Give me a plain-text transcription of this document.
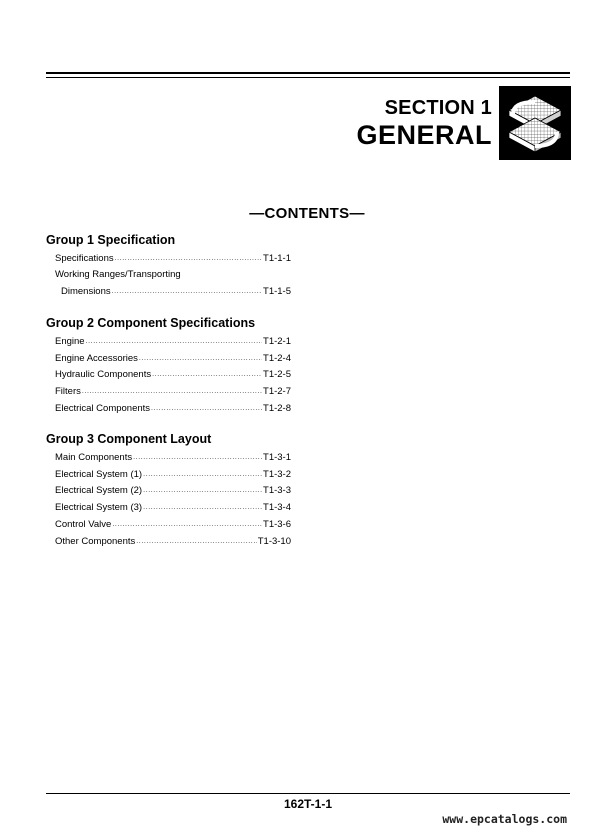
SECTION 1
GENERAL
—CONTENTS—
Group 1 Specification
Specifications .....	T1-1-1
Working Ranges/Transporting
Dimensions .....	T1-1-5
Group 2 Component Specifications
Engine .....	T1-2-1
Engine Accessories .....	T1-2-4
Hydraulic Components .....	T1-2-5
Filters .....	T1-2-7
Electrical Components .....	T1-2-8
Group 3 Component Layout
Main Components .....	T1-3-1
Electrical System (1) .....	T1-3-2
Electrical System (2) .....	T1-3-3
Electrical System (3) .....	T1-3-4
Control Valve .....	T1-3-6
Other Components .....	T1-3-10
162T-1-1
www.epcatalogs.com
